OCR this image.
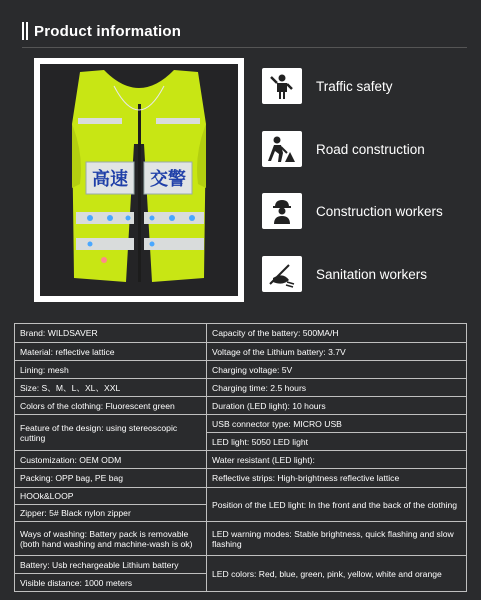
Product information
高速 交警
Traffic safety
Road construction
Construction workers
Sanitation workers
Brand: WILDSAVER	Capacity of the battery: 500MA/H
Material: reflective lattice	Voltage of the Lithium battery: 3.7V
Lining: mesh	Charging voltage: 5V
Size: S、M、L、XL、XXL	Charging time: 2.5 hours
Colors of the clothing: Fluorescent green	Duration (LED light): 10 hours
Feature of the design: using stereoscopic cutting	USB connector type: MICRO USB
	LED light: 5050 LED light
Customization: OEM ODM	Water resistant (LED light):
Packing: OPP bag, PE bag	Reflective strips: High-brightness reflective lattice
HOOk&LOOP	Position of the LED light: In the front and the back of the clothing
Zipper: 5# Black nylon zipper	
Ways of washing: Battery pack is removable (both hand washing and machine-wash is ok)	LED warning modes: Stable brightness, quick flashing and slow flashing
Battery: Usb rechargeable Lithium battery	LED colors: Red, blue, green, pink, yellow, white and orange
Visible distance: 1000 meters	
